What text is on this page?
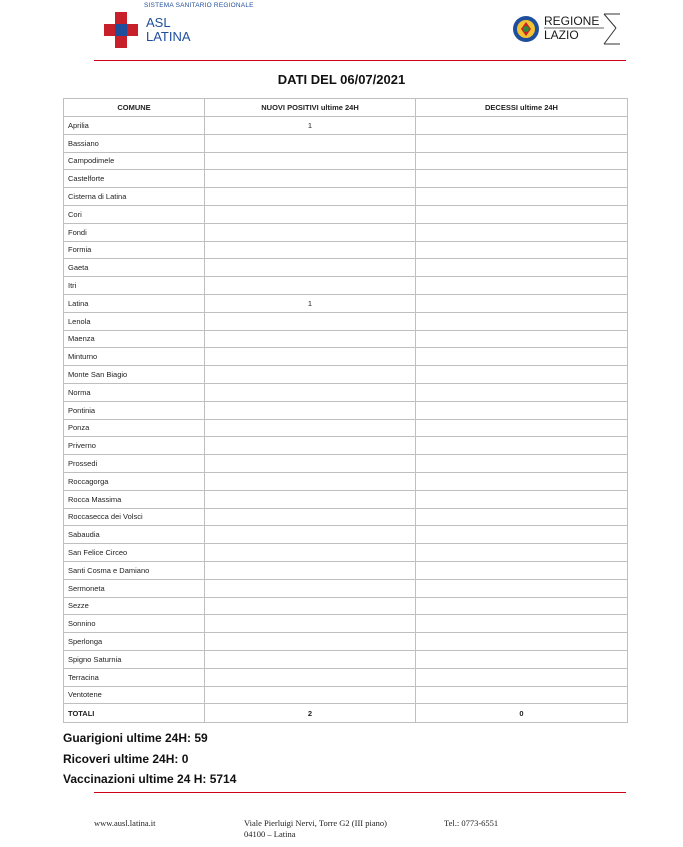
SISTEMA SANITARIO REGIONALE
ASL
LATINA
REGIONE
LAZIO
DATI DEL 06/07/2021
COMUNE	NUOVI POSITIVI ultime 24H	DECESSI ultime 24H
Aprilia	1	
Bassiano		
Campodimele		
Castelforte		
Cisterna di Latina		
Cori		
Fondi		
Formia		
Gaeta		
Itri		
Latina	1	
Lenola		
Maenza		
Minturno		
Monte San Biagio		
Norma		
Pontinia		
Ponza		
Priverno		
Prossedi		
Roccagorga		
Rocca Massima		
Roccasecca dei Volsci		
Sabaudia		
San Felice Circeo		
Santi Cosma e Damiano		
Sermoneta		
Sezze		
Sonnino		
Sperlonga		
Spigno Saturnia		
Terracina		
Ventotene		
TOTALI	2	0
Guarigioni ultime 24H: 59
Ricoveri ultime 24H: 0
Vaccinazioni ultime 24 H: 5714
www.ausl.latina.it	Viale Pierluigi Nervi, Torre G2 (III piano)
04100 – Latina
Tel.: 0773-6551
